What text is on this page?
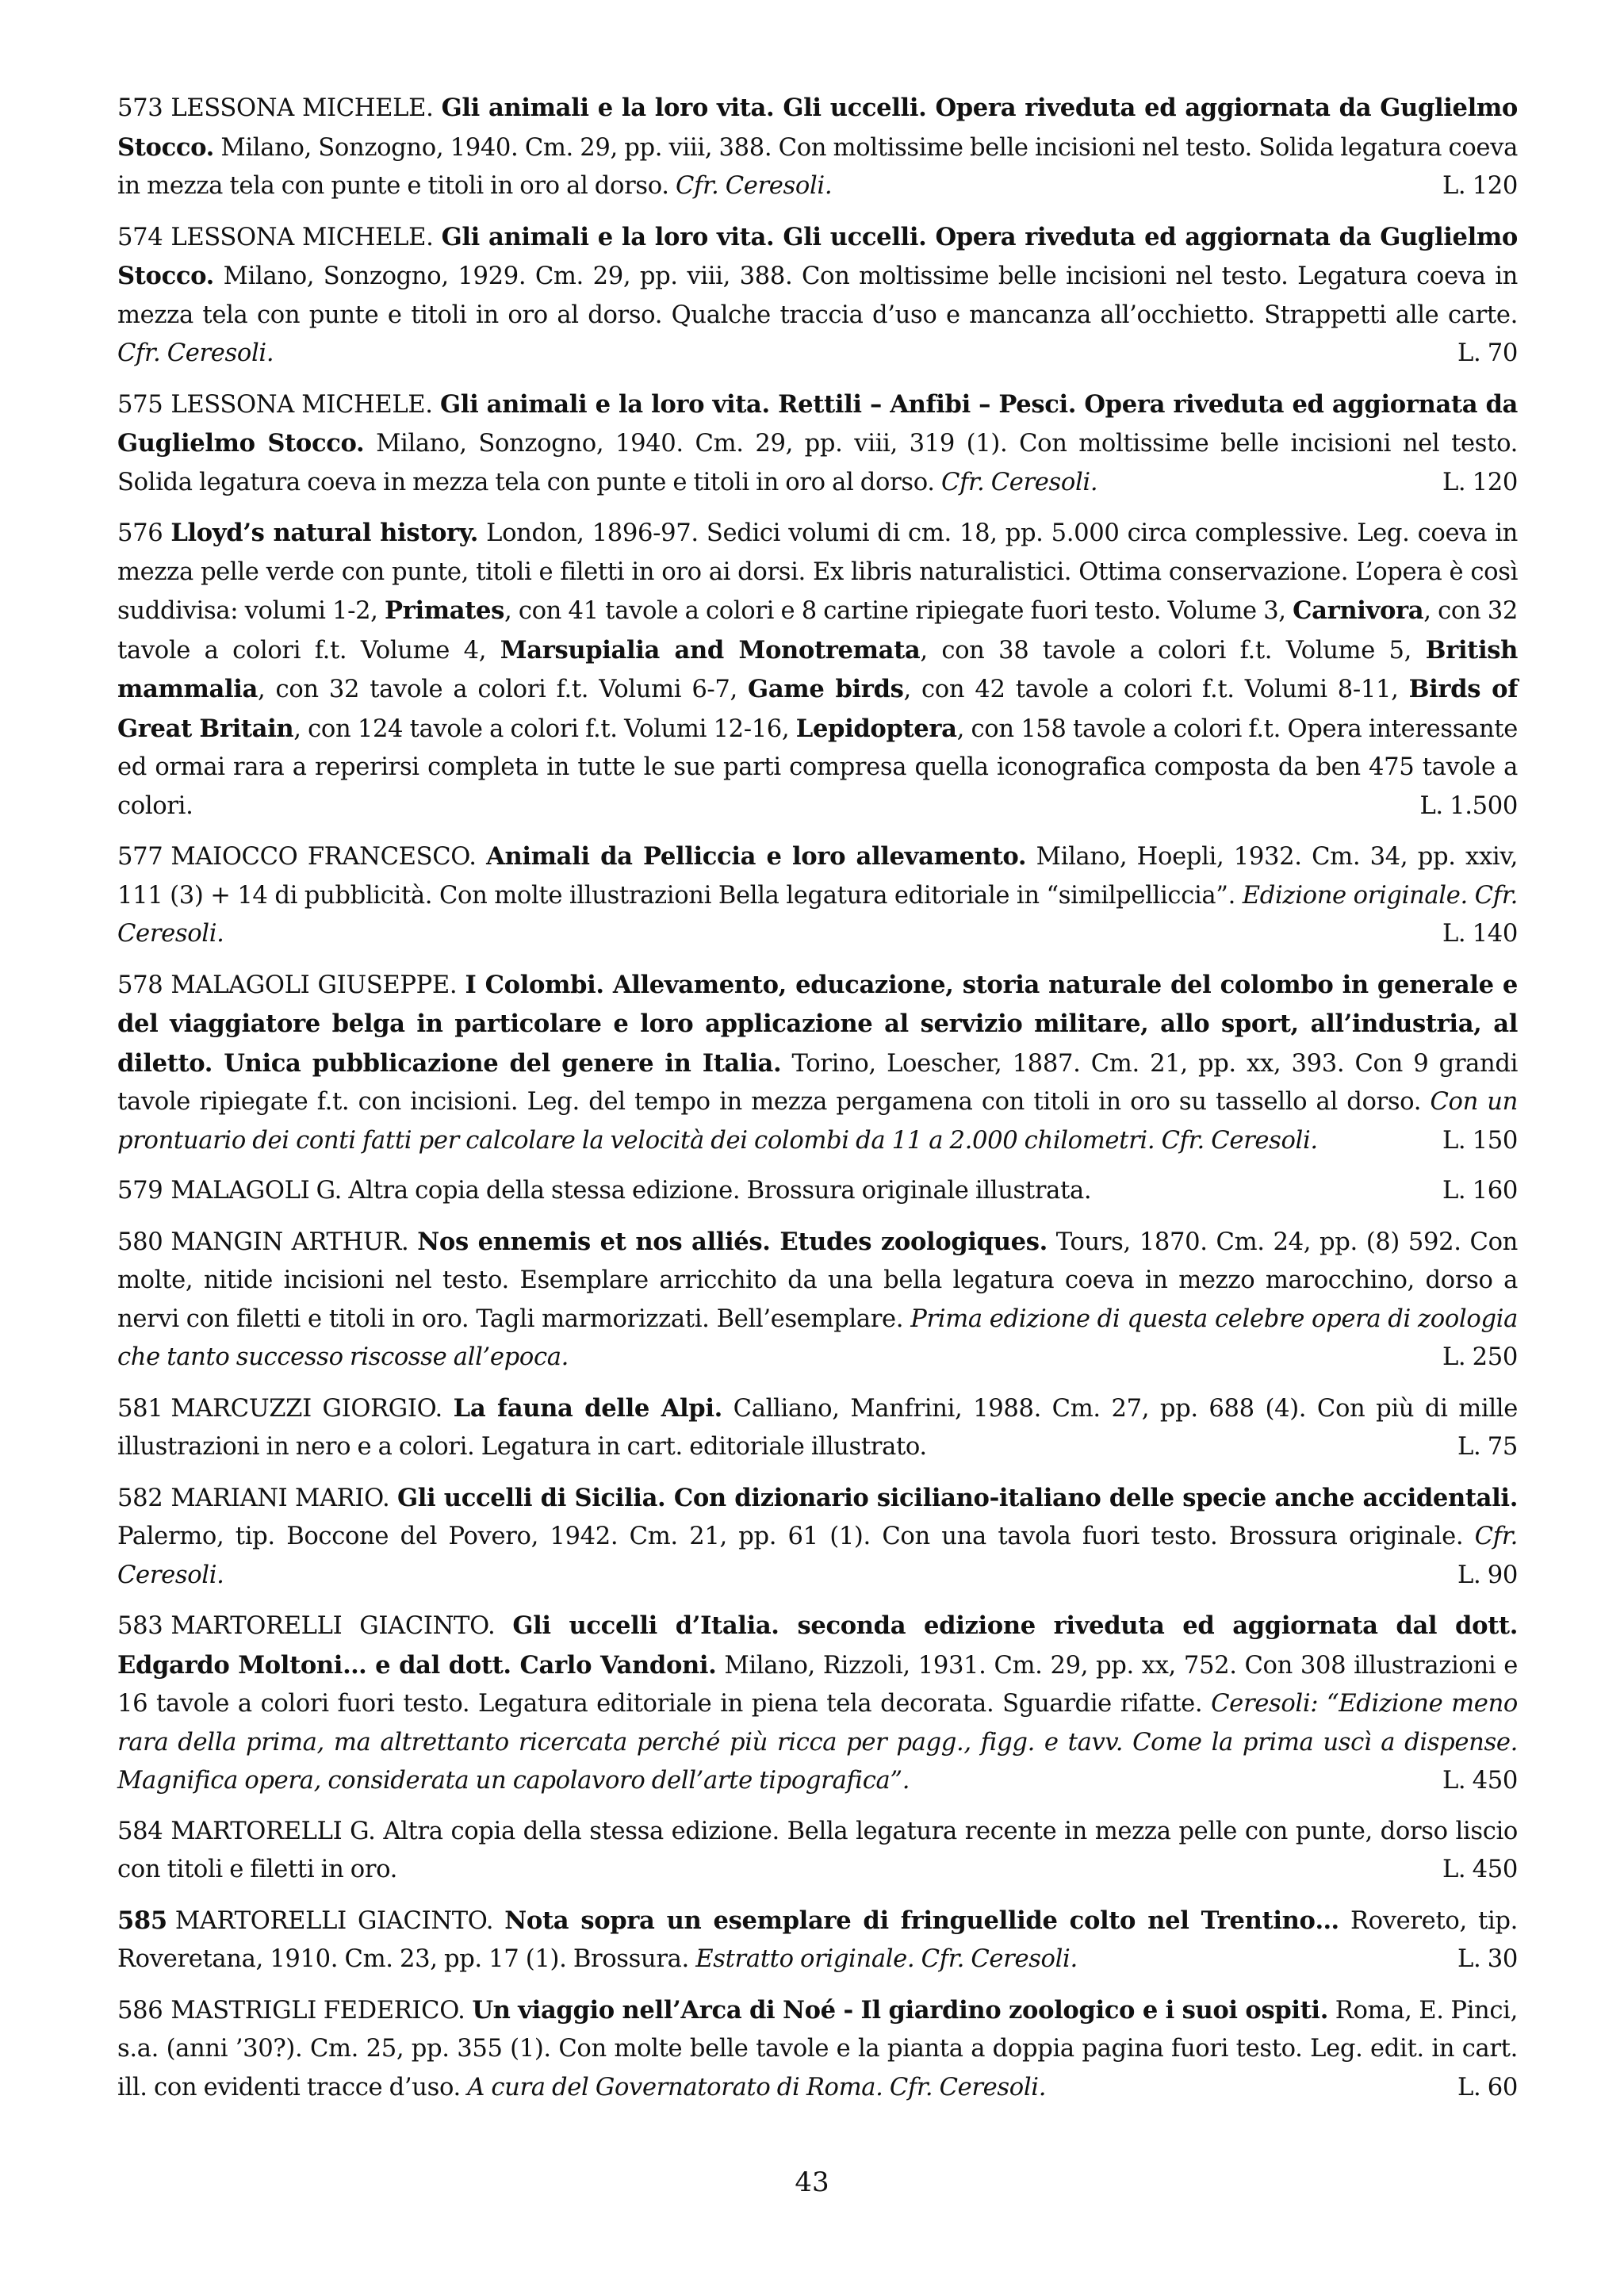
573 LESSONA MICHELE. Gli animali e la loro vita. Gli uccelli. Opera riveduta ed aggiornata da Guglielmo Stocco. Milano, Sonzogno, 1940. Cm. 29, pp. viii, 388. Con moltissime belle incisioni nel testo. Solida legatura coeva in mezza tela con punte e titoli in oro al dorso. Cfr. Ceresoli.	L. 120
574 LESSONA MICHELE. Gli animali e la loro vita. Gli uccelli. Opera riveduta ed aggiornata da Guglielmo Stocco. Milano, Sonzogno, 1929. Cm. 29, pp. viii, 388. Con moltissime belle incisioni nel testo. Legatura coeva in mezza tela con punte e titoli in oro al dorso. Qualche traccia d’uso e mancanza all’occhietto. Strappetti alle carte. Cfr. Ceresoli.	L. 70
575 LESSONA MICHELE. Gli animali e la loro vita. Rettili – Anfibi – Pesci. Opera riveduta ed aggiornata da Guglielmo Stocco. Milano, Sonzogno, 1940. Cm. 29, pp. viii, 319 (1). Con moltissime belle incisioni nel testo. Solida legatura coeva in mezza tela con punte e titoli in oro al dorso. Cfr. Ceresoli.	L. 120
576 Lloyd’s natural history. London, 1896-97. Sedici volumi di cm. 18, pp. 5.000 circa complessive. Leg. coeva in mezza pelle verde con punte, titoli e filetti in oro ai dorsi. Ex libris naturalistici. Ottima conservazione. L’opera è così suddivisa: volumi 1-2, Primates, con 41 tavole a colori e 8 cartine ripiegate fuori testo. Volume 3, Carnivora, con 32 tavole a colori f.t. Volume 4, Marsupialia and Monotremata, con 38 tavole a colori f.t. Volume 5, British mammalia, con 32 tavole a colori f.t. Volumi 6-7, Game birds, con 42 tavole a colori f.t. Volumi 8-11, Birds of Great Britain, con 124 tavole a colori f.t. Volumi 12-16, Lepidoptera, con 158 tavole a colori f.t. Opera interessante ed ormai rara a reperirsi completa in tutte le sue parti compresa quella iconografica composta da ben 475 tavole a colori.	L. 1.500
577 MAIOCCO FRANCESCO. Animali da Pelliccia e loro allevamento. Milano, Hoepli, 1932. Cm. 34, pp. xxiv, 111 (3) + 14 di pubblicità. Con molte illustrazioni Bella legatura editoriale in “similpelliccia”. Edizione originale. Cfr. Ceresoli.	L. 140
578 MALAGOLI GIUSEPPE. I Colombi. Allevamento, educazione, storia naturale del colombo in generale e del viaggiatore belga in particolare e loro applicazione al servizio militare, allo sport, all’industria, al diletto. Unica pubblicazione del genere in Italia. Torino, Loescher, 1887. Cm. 21, pp. xx, 393. Con 9 grandi tavole ripiegate f.t. con incisioni. Leg. del tempo in mezza pergamena con titoli in oro su tassello al dorso. Con un prontuario dei conti fatti per calcolare la velocità dei colombi da 11 a 2.000 chilometri. Cfr. Ceresoli.	L. 150
579 MALAGOLI G. Altra copia della stessa edizione. Brossura originale illustrata.	L. 160
580 MANGIN ARTHUR. Nos ennemis et nos alliés. Etudes zoologiques. Tours, 1870. Cm. 24, pp. (8) 592. Con molte, nitide incisioni nel testo. Esemplare arricchito da una bella legatura coeva in mezzo marocchino, dorso a nervi con filetti e titoli in oro. Tagli marmorizzati. Bell’esemplare. Prima edizione di questa celebre opera di zoologia che tanto successo riscosse all’epoca.	L. 250
581 MARCUZZI GIORGIO. La fauna delle Alpi. Calliano, Manfrini, 1988. Cm. 27, pp. 688 (4). Con più di mille illustrazioni in nero e a colori. Legatura in cart. editoriale illustrato.	L. 75
582 MARIANI MARIO. Gli uccelli di Sicilia. Con dizionario siciliano-italiano delle specie anche accidentali. Palermo, tip. Boccone del Povero, 1942. Cm. 21, pp. 61 (1). Con una tavola fuori testo. Brossura originale. Cfr. Ceresoli.	L. 90
583 MARTORELLI GIACINTO. Gli uccelli d’Italia. seconda edizione riveduta ed aggiornata dal dott. Edgardo Moltoni… e dal dott. Carlo Vandoni. Milano, Rizzoli, 1931. Cm. 29, pp. xx, 752. Con 308 illustrazioni e 16 tavole a colori fuori testo. Legatura editoriale in piena tela decorata. Sguardie rifatte. Ceresoli: “Edizione meno rara della prima, ma altrettanto ricercata perché più ricca per pagg., figg. e tavv. Come la prima uscì a dispense. Magnifica opera, considerata un capolavoro dell’arte tipografica”.	L. 450
584 MARTORELLI G. Altra copia della stessa edizione. Bella legatura recente in mezza pelle con punte, dorso liscio con titoli e filetti in oro.	L. 450
585 MARTORELLI GIACINTO. Nota sopra un esemplare di fringuellide colto nel Trentino… Rovereto, tip. Roveretana, 1910. Cm. 23, pp. 17 (1). Brossura. Estratto originale. Cfr. Ceresoli.	L. 30
586 MASTRIGLI FEDERICO. Un viaggio nell’Arca di Noé - Il giardino zoologico e i suoi ospiti. Roma, E. Pinci, s.a. (anni ’30?). Cm. 25, pp. 355 (1). Con molte belle tavole e la pianta a doppia pagina fuori testo. Leg. edit. in cart. ill. con evidenti tracce d’uso. A cura del Governatorato di Roma. Cfr. Ceresoli.	L. 60
43
